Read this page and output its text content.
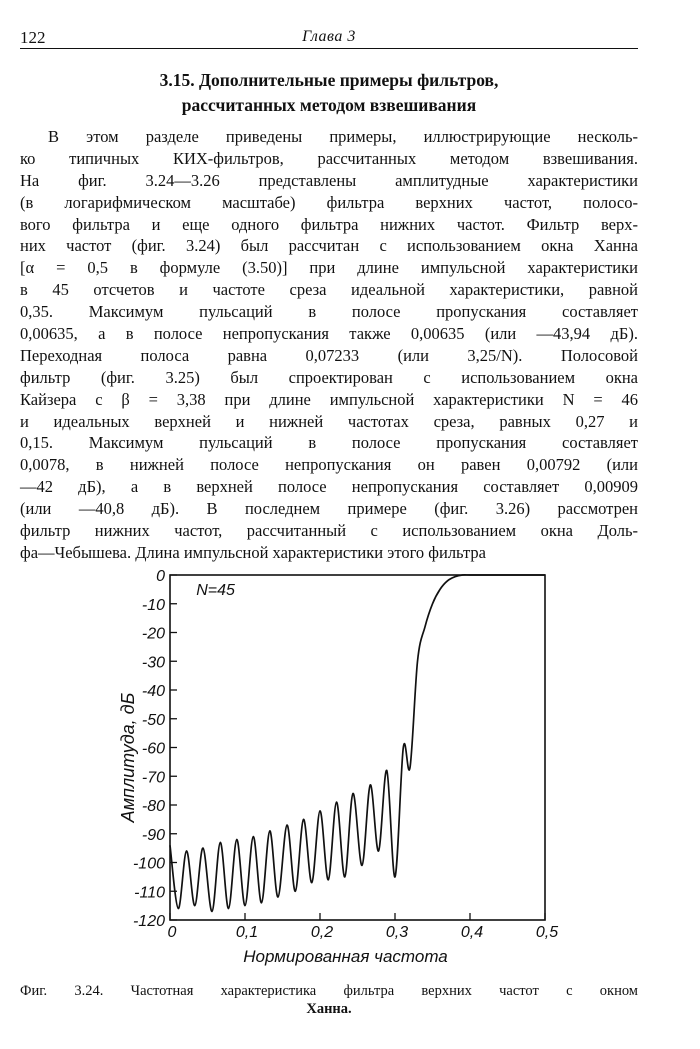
122	Глава 3
3.15. Дополнительные примеры фильтров,
рассчитанных методом взвешивания
В этом разделе приведены примеры, иллюстрирующие несколь-
ко типичных КИХ-фильтров, рассчитанных методом взвешивания.
На фиг. 3.24—3.26 представлены амплитудные характеристики
(в логарифмическом масштабе) фильтра верхних частот, полосо-
вого фильтра и еще одного фильтра нижних частот. Фильтр верх-
них частот (фиг. 3.24) был рассчитан с использованием окна Ханна
[α = 0,5 в формуле (3.50)] при длине импульсной характеристики
в 45 отсчетов и частоте среза идеальной характеристики, равной
0,35. Максимум пульсаций в полосе пропускания составляет
0,00635, а в полосе непропускания также 0,00635 (или —43,94 дБ).
Переходная полоса равна 0,07233 (или 3,25/N). Полосовой
фильтр (фиг. 3.25) был спроектирован с использованием окна
Кайзера с β = 3,38 при длине импульсной характеристики N = 46
и идеальных верхней и нижней частотах среза, равных 0,27 и
0,15. Максимум пульсаций в полосе пропускания составляет
0,0078, в нижней полосе непропускания он равен 0,00792 (или
—42 дБ), а в верхней полосе непропускания составляет 0,00909
(или —40,8 дБ). В последнем примере (фиг. 3.26) рассмотрен
фильтр нижних частот, рассчитанный с использованием окна Доль-
фа—Чебышева. Длина импульсной характеристики этого фильтра
0
-10
-20
-30
-40
-50
-60
-70
-80
-90
-100
-110
-120
0	0,1	0,2	0,3	0,4	0,5
Нормированная частота
Амплитуда, дБ
N=45
Фиг. 3.24. Частотная характеристика фильтра верхних частот с окном
Ханна.
